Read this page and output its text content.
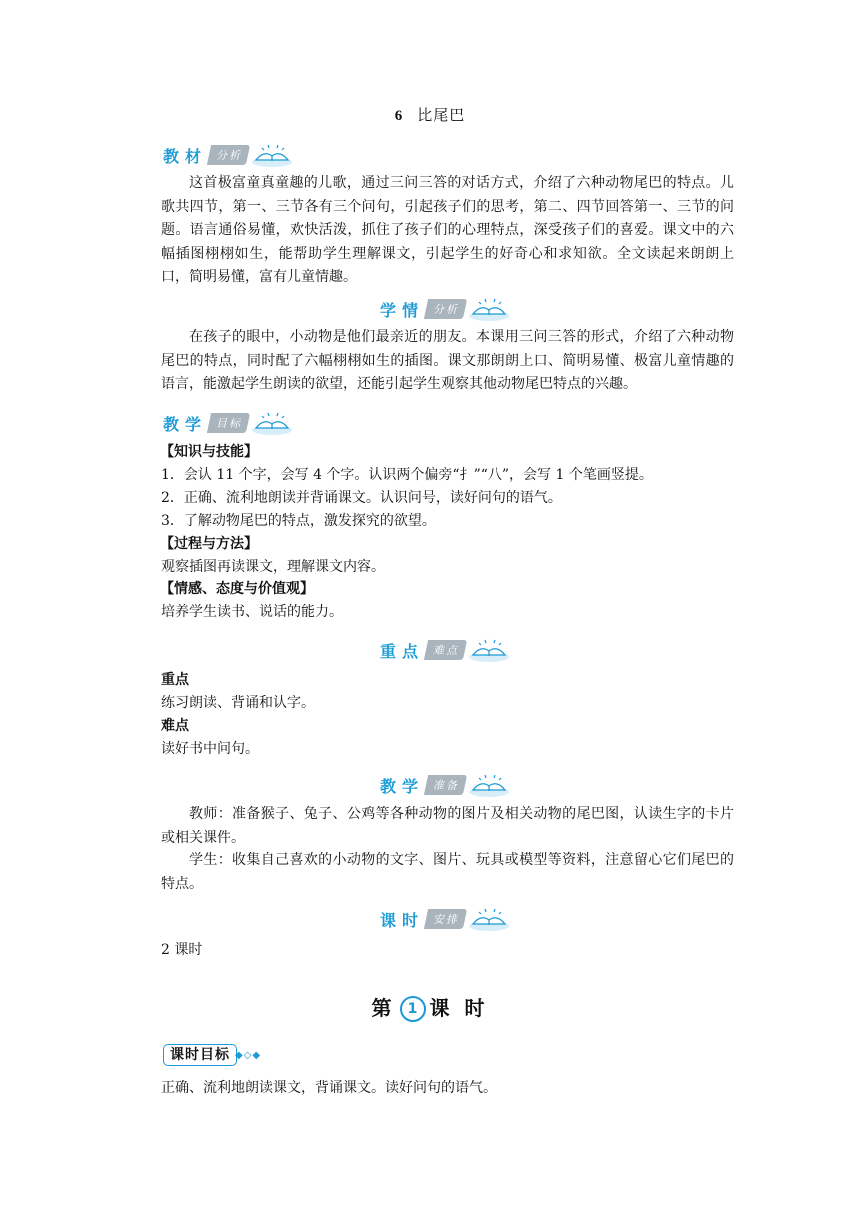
6 比尾巴
教材 分析
这首极富童真童趣的儿歌，通过三问三答的对话方式，介绍了六种动物尾巴的特点。儿歌共四节，第一、三节各有三个问句，引起孩子们的思考，第二、四节回答第一、三节的问题。语言通俗易懂，欢快活泼，抓住了孩子们的心理特点，深受孩子们的喜爱。课文中的六幅插图栩栩如生，能帮助学生理解课文，引起学生的好奇心和求知欲。全文读起来朗朗上口，简明易懂，富有儿童情趣。
学情 分析
在孩子的眼中，小动物是他们最亲近的朋友。本课用三问三答的形式，介绍了六种动物尾巴的特点，同时配了六幅栩栩如生的插图。课文那朗朗上口、简明易懂、极富儿童情趣的语言，能激起学生朗读的欲望，还能引起学生观察其他动物尾巴特点的兴趣。
教学 目标
【知识与技能】
1．会认 11 个字，会写 4 个字。认识两个偏旁“扌”“八”，会写 1 个笔画竖提。
2．正确、流利地朗读并背诵课文。认识问号，读好问句的语气。
3．了解动物尾巴的特点，激发探究的欲望。
【过程与方法】
观察插图再读课文，理解课文内容。
【情感、态度与价值观】
培养学生读书、说话的能力。
重点 难点
重点
练习朗读、背诵和认字。
难点
读好书中问句。
教学 准备
教师：准备猴子、兔子、公鸡等各种动物的图片及相关动物的尾巴图，认读生字的卡片或相关课件。
学生：收集自己喜欢的小动物的文字、图片、玩具或模型等资料，注意留心它们尾巴的特点。
课时 安排
2 课时
第 1 课 时
课时目标 ◆◇◆
正确、流利地朗读课文，背诵课文。读好问句的语气。
